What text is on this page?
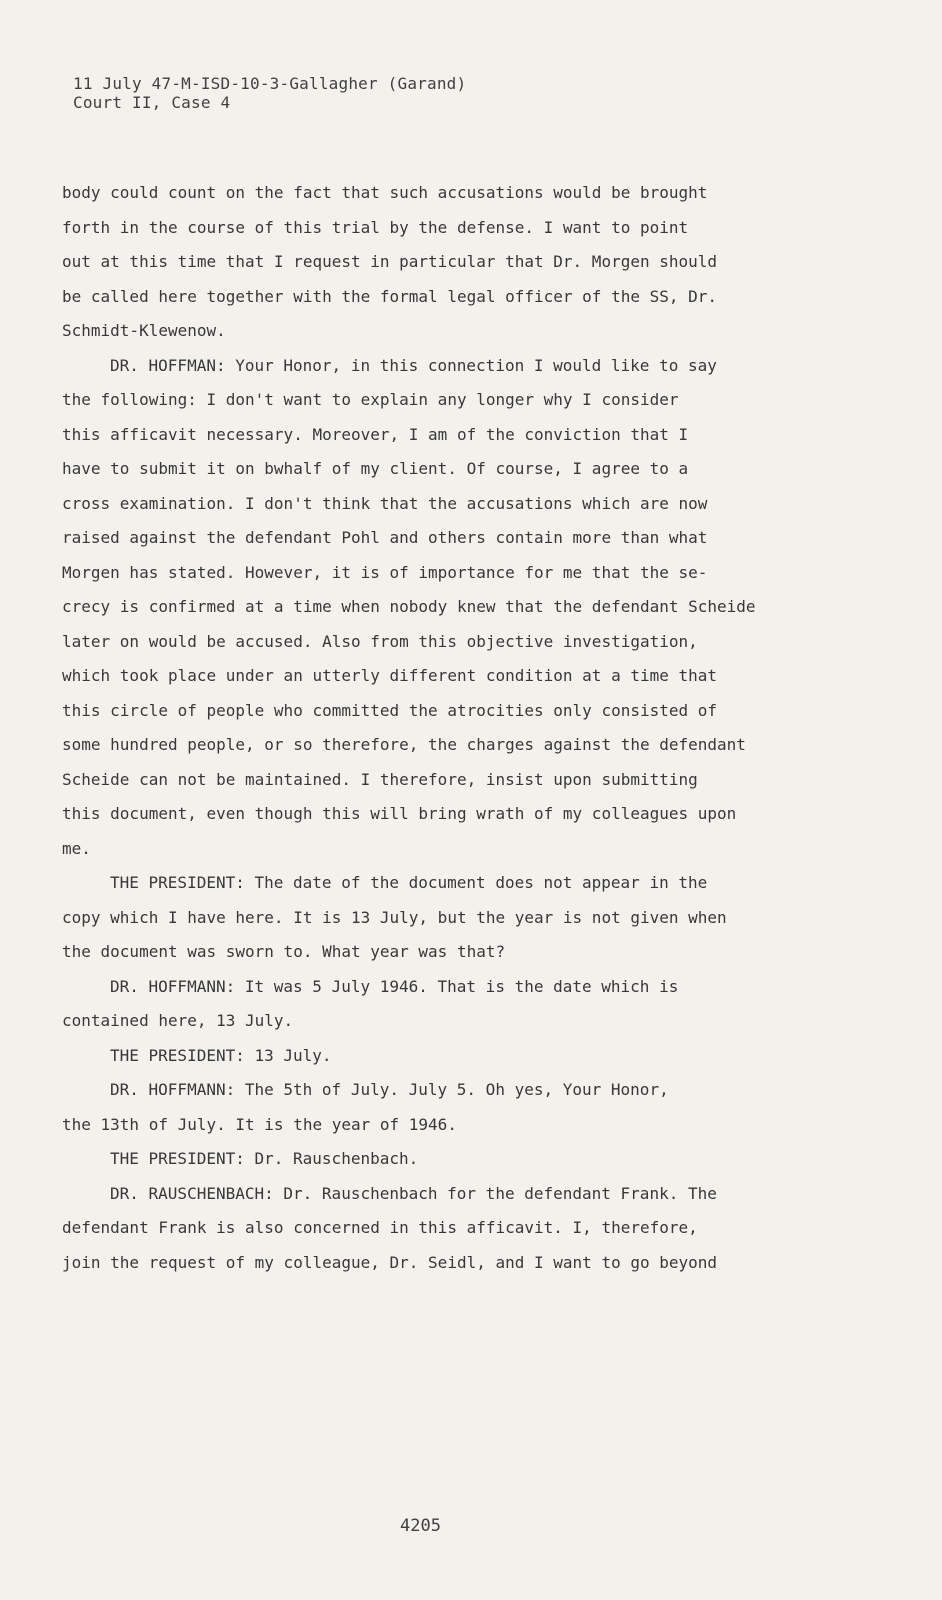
11 July 47-M-ISD-10-3-Gallagher (Garand)
Court II, Case 4
body could count on the fact that such accusations would be brought
forth in the course of this trial by the defense. I want to point
out at this time that I request in particular that Dr. Morgen should
be called here together with the formal legal officer of the SS, Dr.
Schmidt-Klewenow.
DR. HOFFMAN: Your Honor, in this connection I would like to say
the following: I don't want to explain any longer why I consider
this afficavit necessary. Moreover, I am of the conviction that I
have to submit it on bwhalf of my client. Of course, I agree to a
cross examination. I don't think that the accusations which are now
raised against the defendant Pohl and others contain more than what
Morgen has stated. However, it is of importance for me that the se-
crecy is confirmed at a time when nobody knew that the defendant Scheide
later on would be accused. Also from this objective investigation,
which took place under an utterly different condition at a time that
this circle of people who committed the atrocities only consisted of
some hundred people, or so therefore, the charges against the defendant
Scheide can not be maintained. I therefore, insist upon submitting
this document, even though this will bring wrath of my colleagues upon
me.
THE PRESIDENT: The date of the document does not appear in the
copy which I have here. It is 13 July, but the year is not given when
the document was sworn to. What year was that?
DR. HOFFMANN: It was 5 July 1946. That is the date which is
contained here, 13 July.
THE PRESIDENT: 13 July.
DR. HOFFMANN: The 5th of July. July 5. Oh yes, Your Honor,
the 13th of July. It is the year of 1946.
THE PRESIDENT: Dr. Rauschenbach.
DR. RAUSCHENBACH: Dr. Rauschenbach for the defendant Frank. The
defendant Frank is also concerned in this afficavit. I, therefore,
join the request of my colleague, Dr. Seidl, and I want to go beyond
4205
